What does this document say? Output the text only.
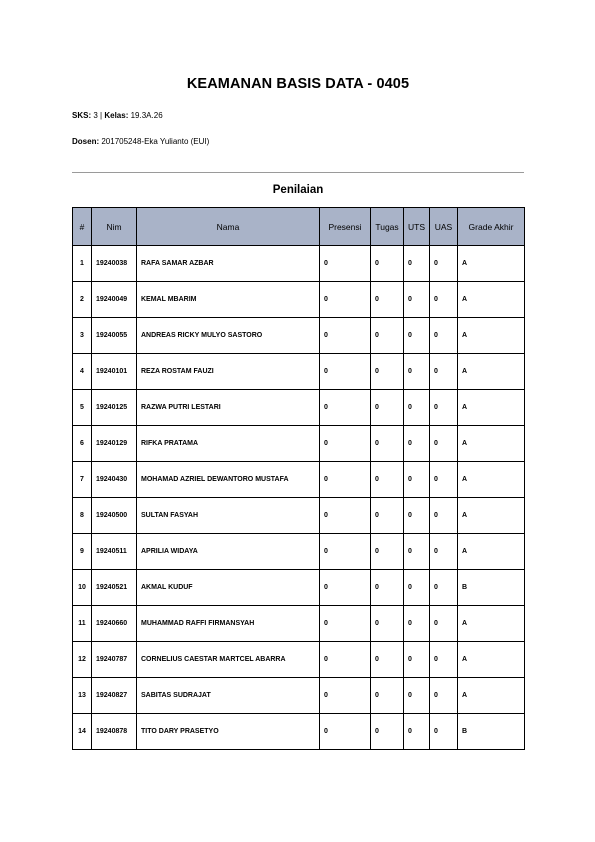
KEAMANAN BASIS DATA - 0405
SKS: 3 | Kelas: 19.3A.26
Dosen: 201705248-Eka Yulianto (EUI)
Penilaian
#	Nim	Nama	Presensi	Tugas	UTS	UAS	Grade Akhir
1	19240038	RAFA SAMAR AZBAR	0	0	0	0	A
2	19240049	KEMAL MBARIM	0	0	0	0	A
3	19240055	ANDREAS RICKY MULYO SASTORO	0	0	0	0	A
4	19240101	REZA ROSTAM FAUZI	0	0	0	0	A
5	19240125	RAZWA PUTRI LESTARI	0	0	0	0	A
6	19240129	RIFKA PRATAMA	0	0	0	0	A
7	19240430	MOHAMAD AZRIEL DEWANTORO MUSTAFA	0	0	0	0	A
8	19240500	SULTAN FASYAH	0	0	0	0	A
9	19240511	APRILIA WIDAYA	0	0	0	0	A
10	19240521	AKMAL KUDUF	0	0	0	0	B
11	19240660	MUHAMMAD RAFFI FIRMANSYAH	0	0	0	0	A
12	19240787	CORNELIUS CAESTAR MARTCEL ABARRA	0	0	0	0	A
13	19240827	SABITAS SUDRAJAT	0	0	0	0	A
14	19240878	TITO DARY PRASETYO	0	0	0	0	B
